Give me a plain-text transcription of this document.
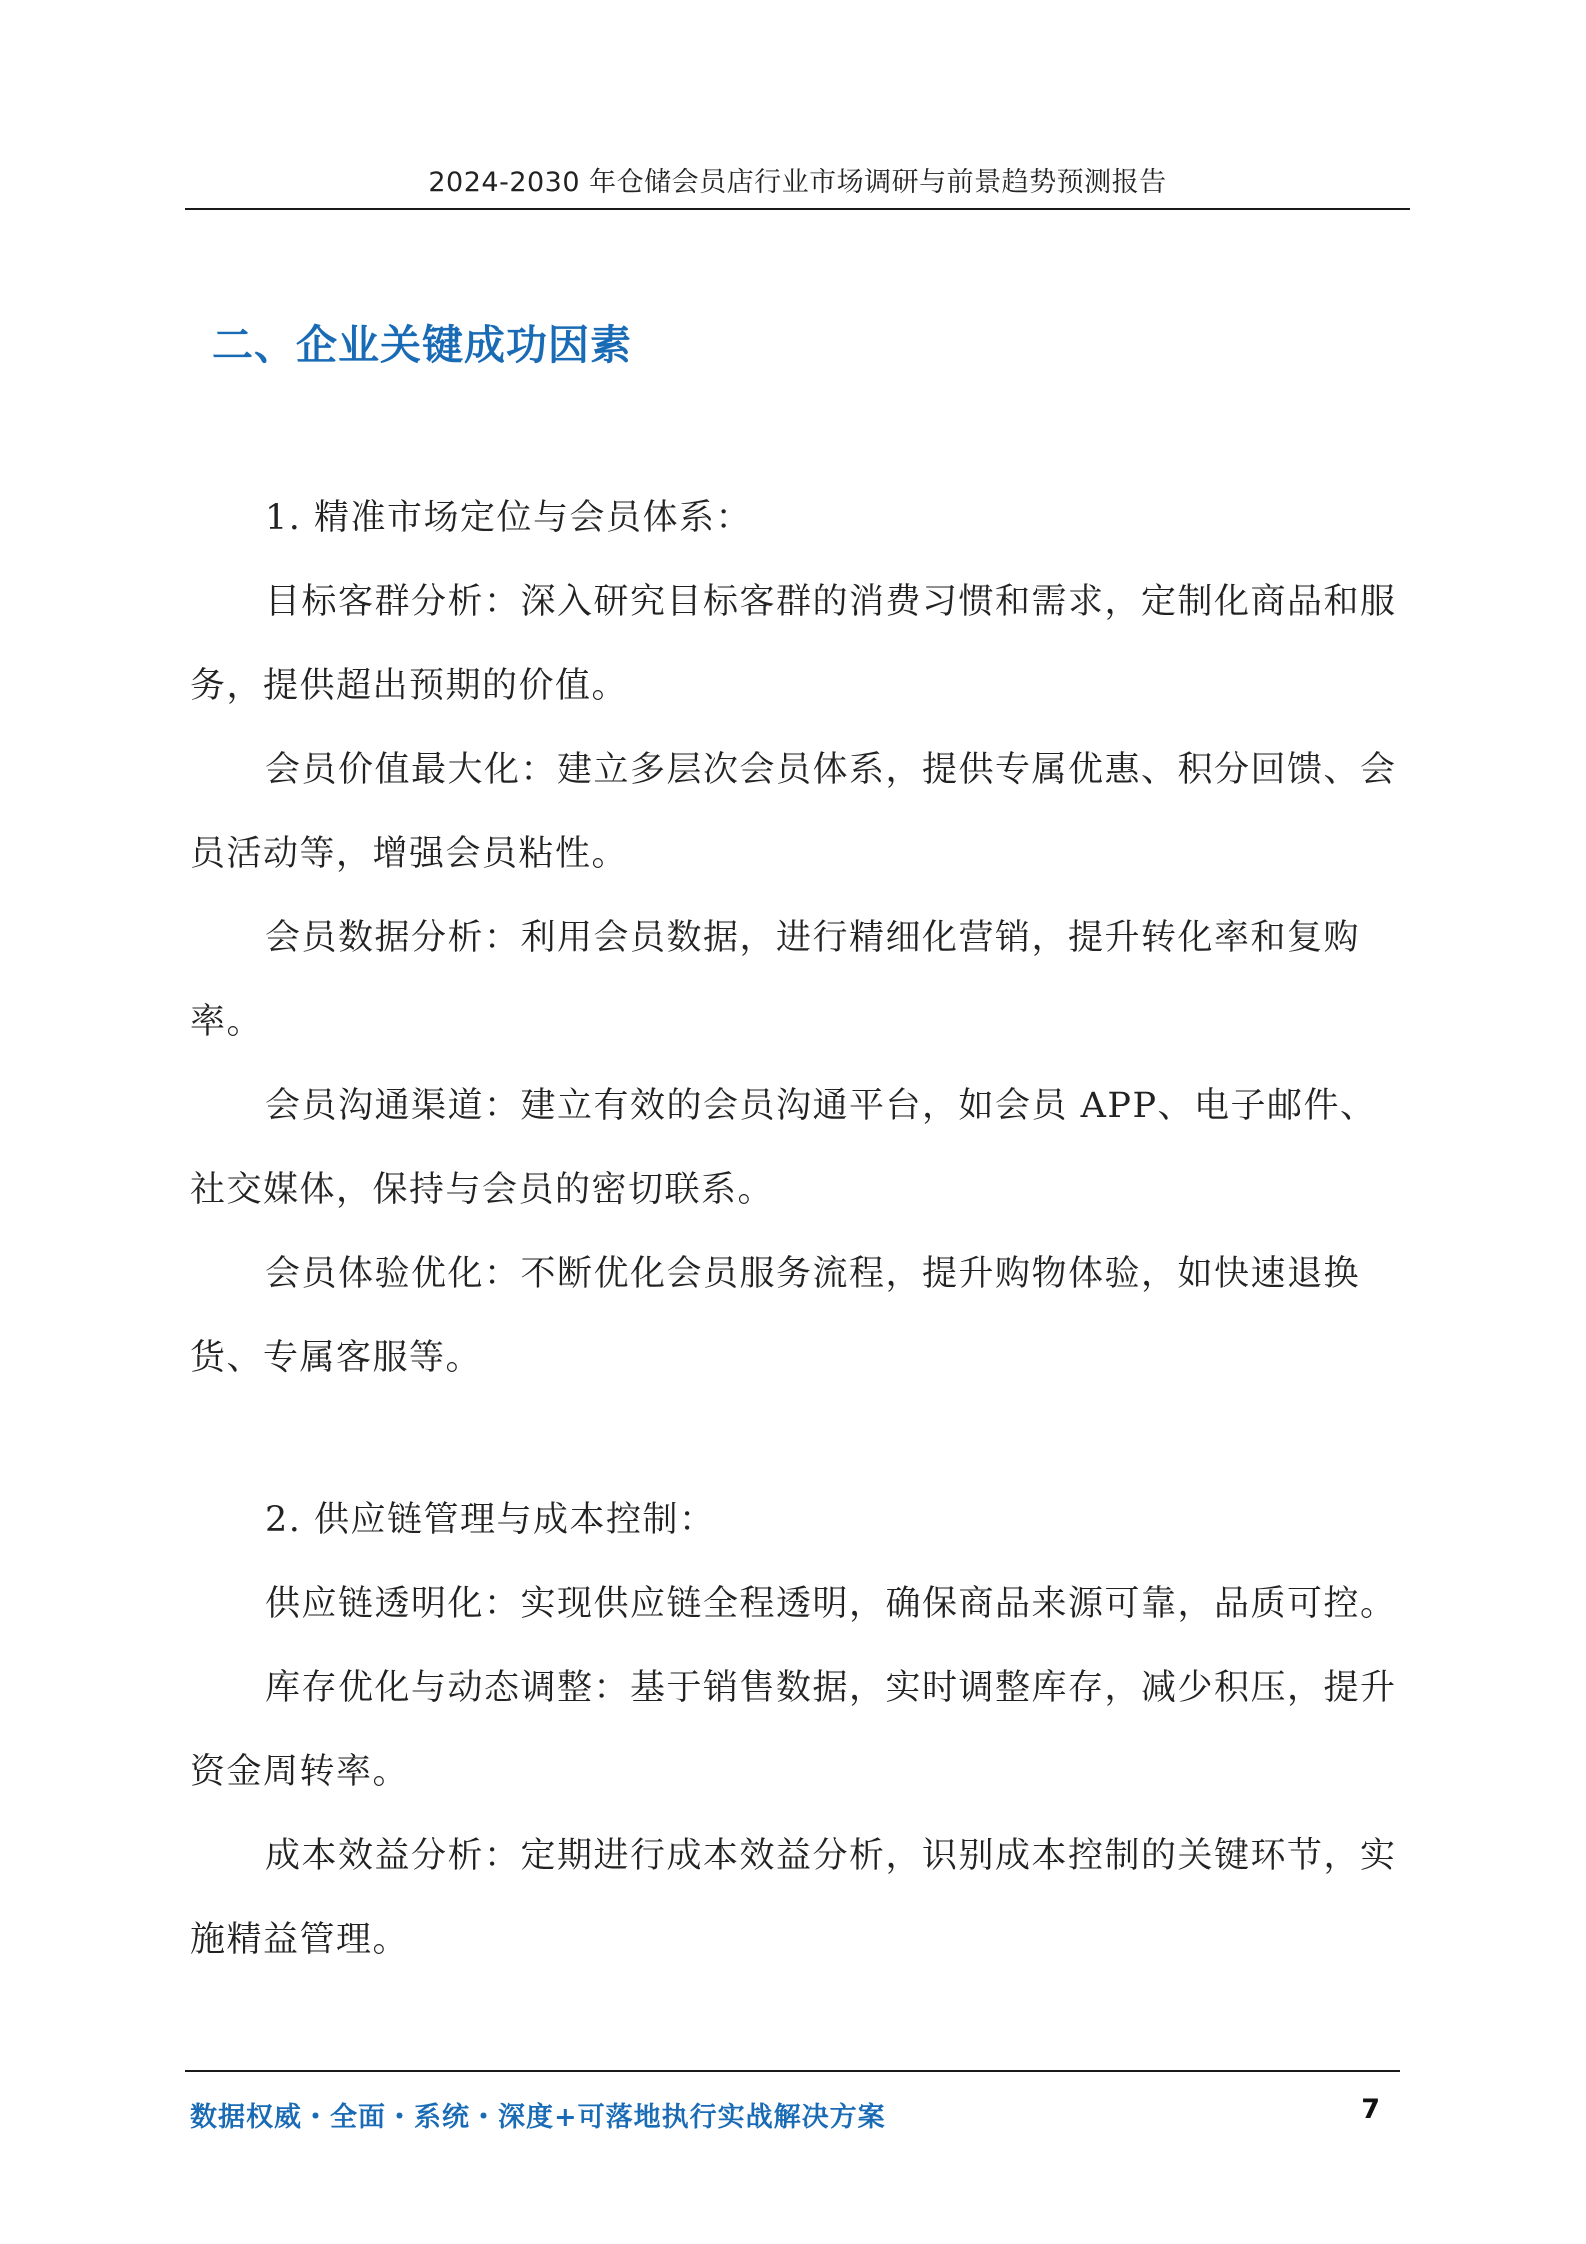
2024-2030 年仓储会员店行业市场调研与前景趋势预测报告
二、企业关键成功因素
1. 精准市场定位与会员体系：

目标客群分析：深入研究目标客群的消费习惯和需求，定制化商品和服务，提供超出预期的价值。

会员价值最大化：建立多层次会员体系，提供专属优惠、积分回馈、会员活动等，增强会员粘性。

会员数据分析：利用会员数据，进行精细化营销，提升转化率和复购率。

会员沟通渠道：建立有效的会员沟通平台，如会员 APP、电子邮件、社交媒体，保持与会员的密切联系。

会员体验优化：不断优化会员服务流程，提升购物体验，如快速退换货、专属客服等。

2. 供应链管理与成本控制：

供应链透明化：实现供应链全程透明，确保商品来源可靠，品质可控。

库存优化与动态调整：基于销售数据，实时调整库存，减少积压，提升资金周转率。

成本效益分析：定期进行成本效益分析，识别成本控制的关键环节，实施精益管理。

数据权威・全面・系统・深度+可落地执行实战解决方案	7
